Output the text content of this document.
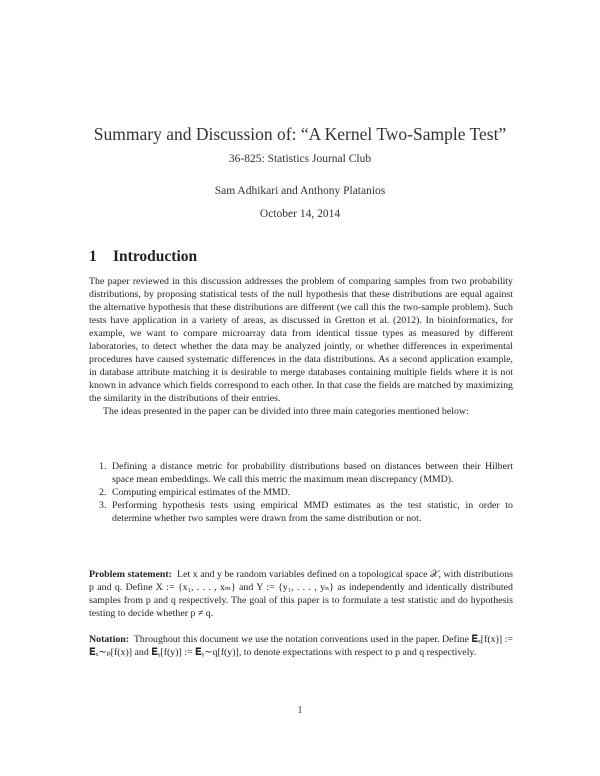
Summary and Discussion of: “A Kernel Two-Sample Test”
36-825: Statistics Journal Club
Sam Adhikari and Anthony Platanios
October 14, 2014
1 Introduction

The paper reviewed in this discussion addresses the problem of comparing samples from two probability distributions, by proposing statistical tests of the null hypothesis that these distributions are equal against the alternative hypothesis that these distributions are different (we call this the two-sample problem). Such tests have application in a variety of areas, as discussed in Gretton et al. (2012). In bioinformatics, for example, we want to compare microarray data from identical tissue types as measured by different laboratories, to detect whether the data may be analyzed jointly, or whether differences in experimental procedures have caused systematic differences in the data distributions. As a second application example, in database attribute matching it is desirable to merge databases containing multiple fields where it is not known in advance which fields correspond to each other. In that case the fields are matched by maximizing the similarity in the distributions of their entries.

The ideas presented in the paper can be divided into three main categories mentioned below:

1. Defining a distance metric for probability distributions based on distances between their Hilbert space mean embeddings. We call this metric the maximum mean discrepancy (MMD).
2. Computing empirical estimates of the MMD.
3. Performing hypothesis tests using empirical MMD estimates as the test statistic, in order to determine whether two samples were drawn from the same distribution or not.

Problem statement: Let x and y be random variables defined on a topological space 𝒳, with distributions p and q. Define X := {x₁, . . . , xₘ} and Y := {y₁, . . . , yₙ} as independently and identically distributed samples from p and q respectively. The goal of this paper is to formulate a test statistic and do hypothesis testing to decide whether p ≠ q.

Notation: Throughout this document we use the notation conventions used in the paper. Define 𝐄ₓ[f(x)] := 𝐄ₓ∼ₚ[f(x)] and 𝐄ᵧ[f(y)] := 𝐄ᵧ∼q[f(y)], to denote expectations with respect to p and q respectively.

1
